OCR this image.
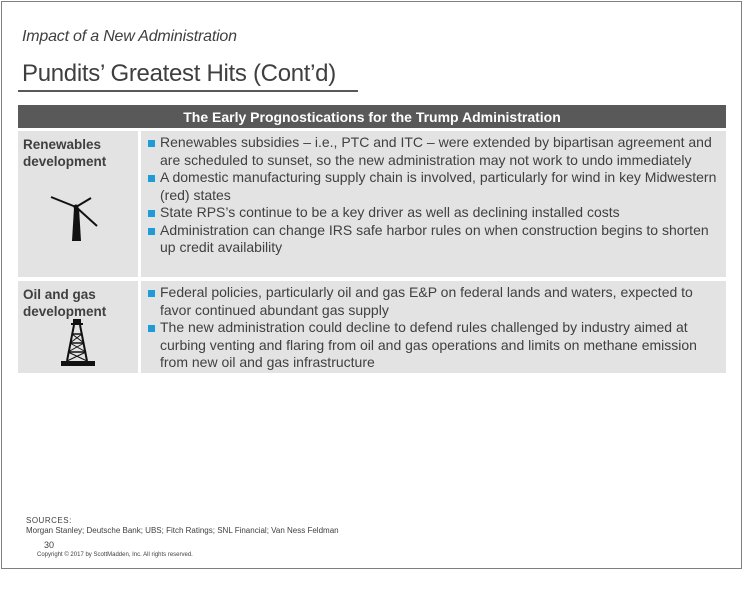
Impact of a New Administration
Pundits’ Greatest Hits (Cont’d)
The Early Prognostications for the Trump Administration
Renewables
development
Renewables subsidies – i.e., PTC and ITC – were extended by bipartisan agreement and are scheduled to sunset, so the new administration may not work to undo immediately
A domestic manufacturing supply chain is involved, particularly for wind in key Midwestern (red) states
State RPS’s continue to be a key driver as well as declining installed costs
Administration can change IRS safe harbor rules on when construction begins to shorten up credit availability
Oil and gas
development
Federal policies, particularly oil and gas E&P on federal lands and waters, expected to favor continued abundant gas supply
The new administration could decline to defend rules challenged by industry aimed at curbing venting and flaring from oil and gas operations and limits on methane emission from new oil and gas infrastructure
SOURCES:
Morgan Stanley; Deutsche Bank; UBS; Fitch Ratings; SNL Financial; Van Ness Feldman
30
Copyright © 2017 by ScottMadden, Inc. All rights reserved.
